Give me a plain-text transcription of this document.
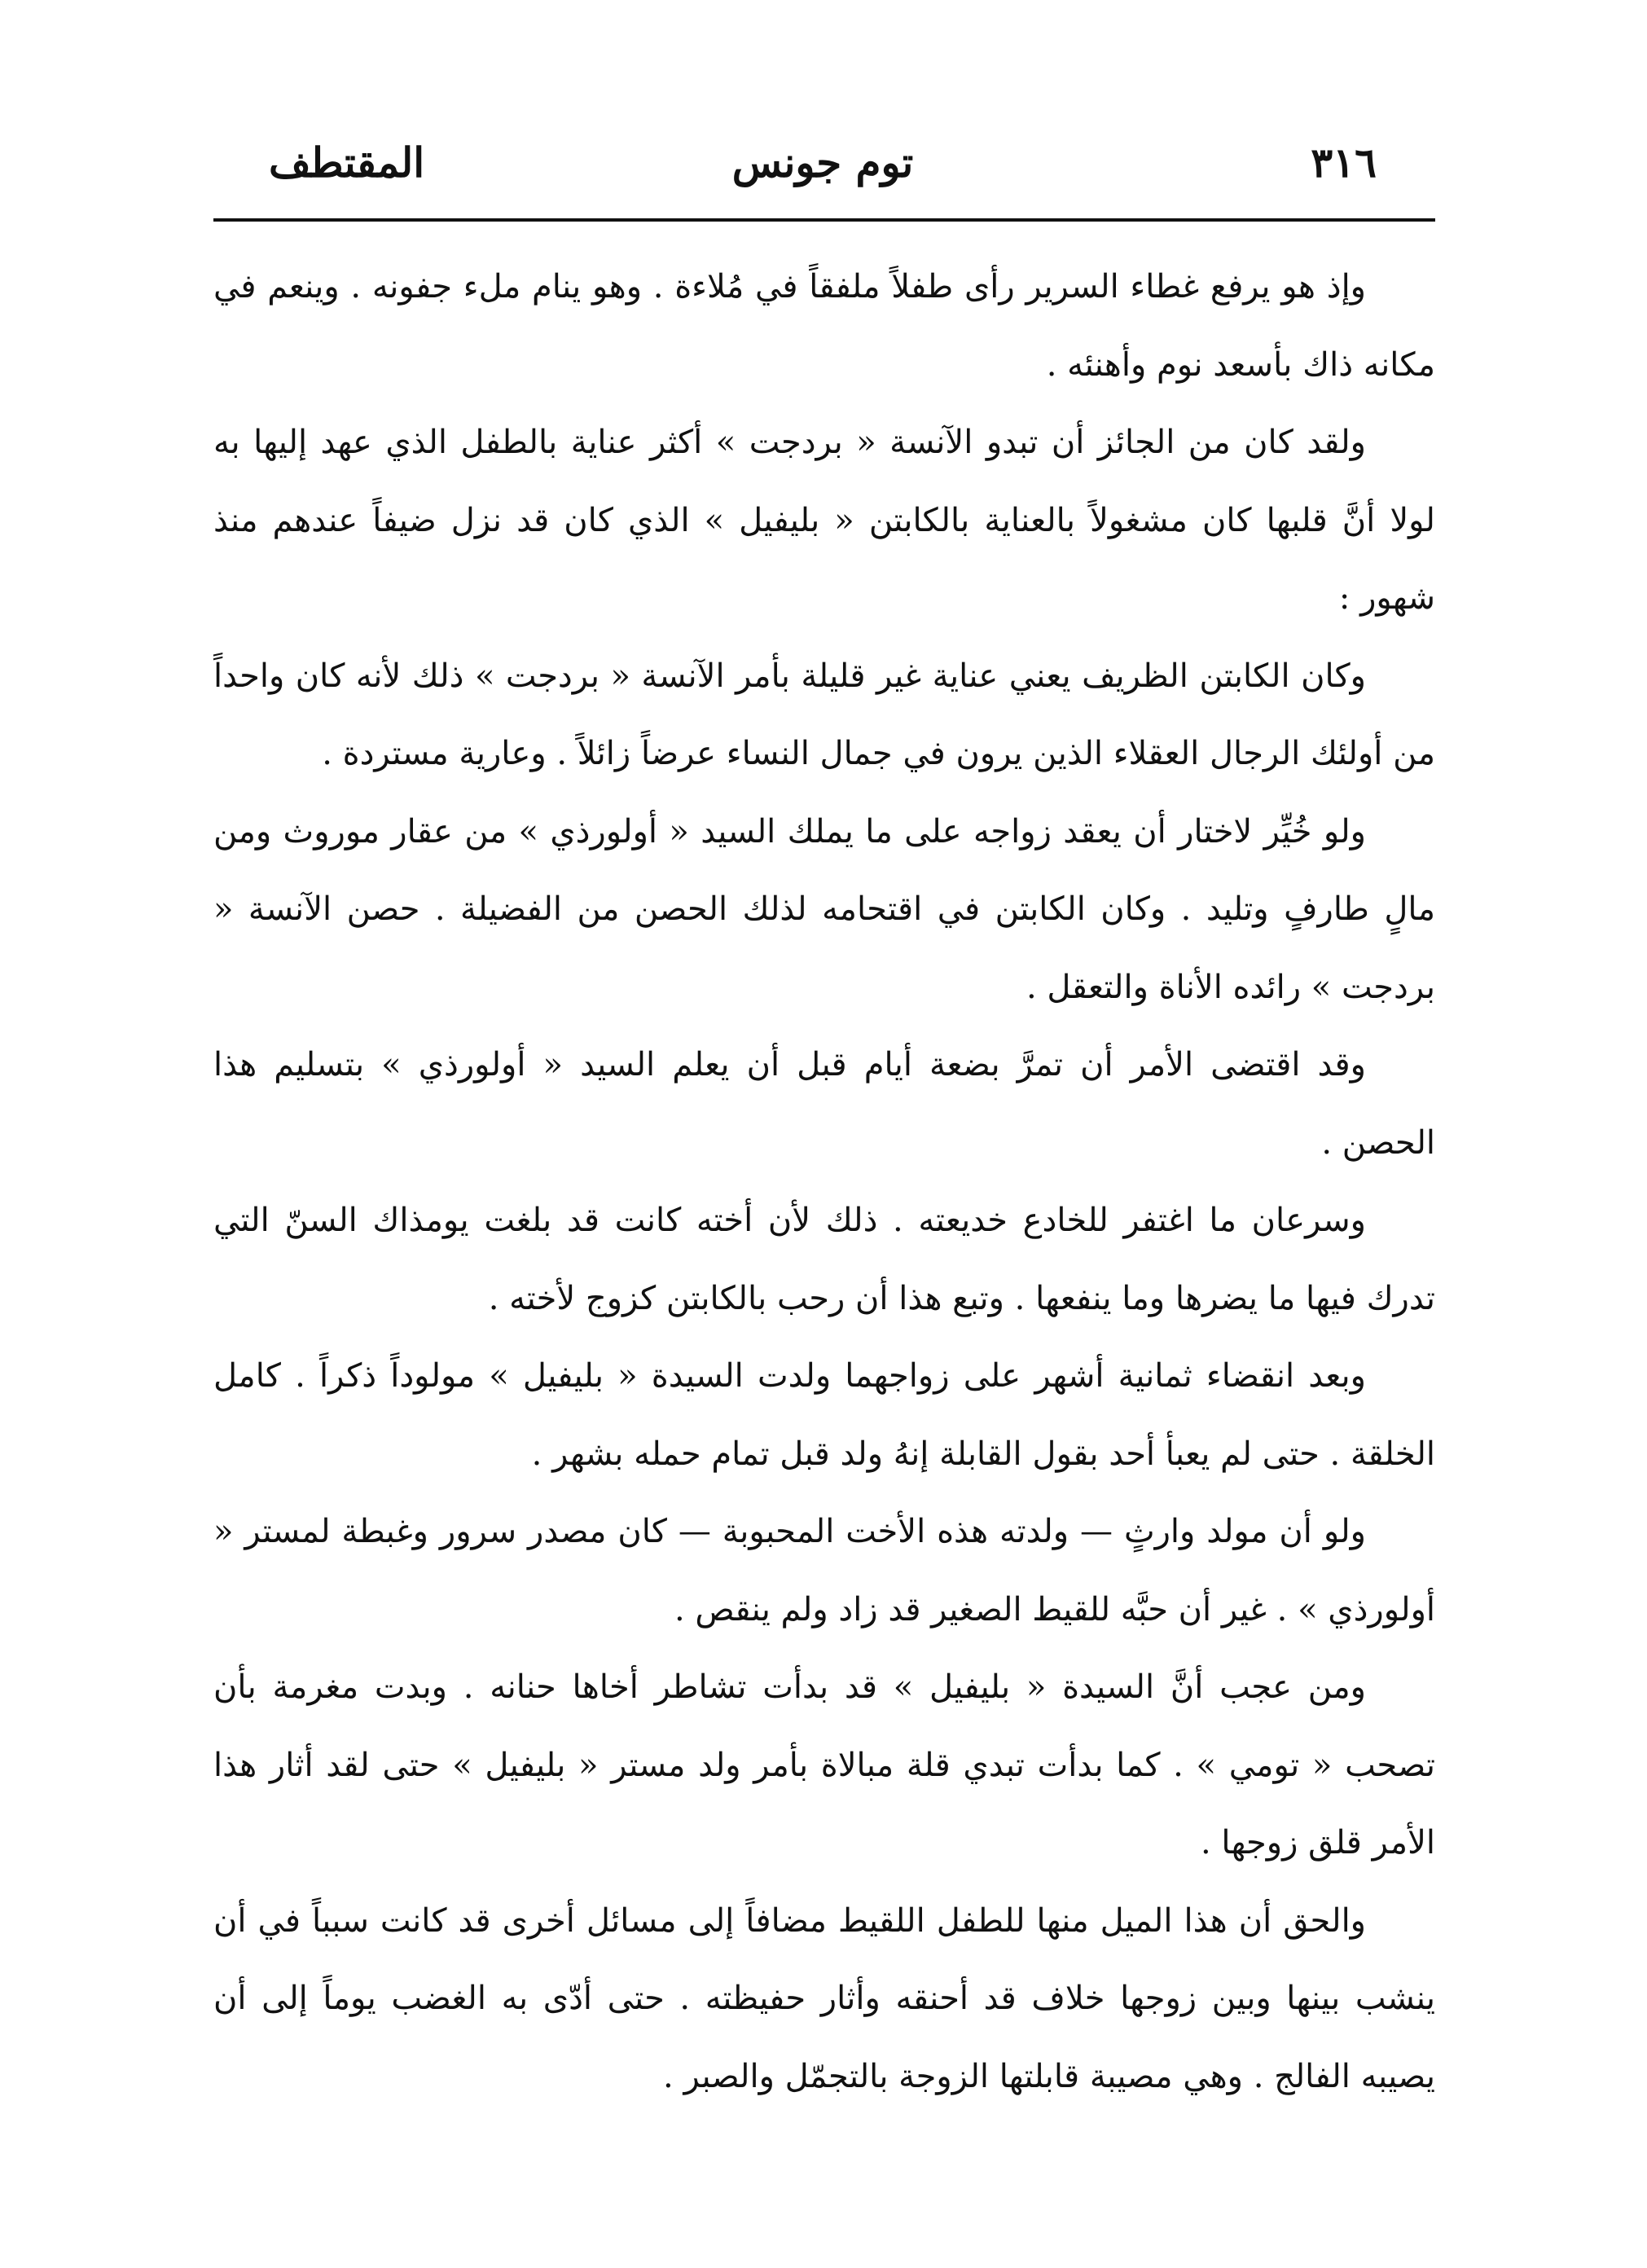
٣١٦
توم جونس
المقتطف

وإذ هو يرفع غطاء السرير رأى طفلاً ملفقاً في مُلاءة . وهو ينام ملء جفونه . وينعم في مكانه ذاك بأسعد نوم وأهنئه .

ولقد كان من الجائز أن تبدو الآنسة « بردجت » أكثر عناية بالطفل الذي عهد إليها به لولا أنَّ قلبها كان مشغولاً بالعناية بالكابتن « بليفيل » الذي كان قد نزل ضيفاً عندهم منذ شهور :

وكان الكابتن الظريف يعني عناية غير قليلة بأمر الآنسة « بردجت » ذلك لأنه كان واحداً من أولئك الرجال العقلاء الذين يرون في جمال النساء عرضاً زائلاً . وعارية مستردة .

ولو خُيِّر لاختار أن يعقد زواجه على ما يملك السيد « أولورذي » من عقار موروث ومن مالٍ طارفٍ وتليد . وكان الكابتن في اقتحامه لذلك الحصن من الفضيلة . حصن الآنسة « بردجت » رائده الأناة والتعقل .

وقد اقتضى الأمر أن تمرَّ بضعة أيام قبل أن يعلم السيد « أولورذي » بتسليم هذا الحصن .

وسرعان ما اغتفر للخادع خديعته . ذلك لأن أخته كانت قد بلغت يومذاك السنّ التي تدرك فيها ما يضرها وما ينفعها . وتبع هذا أن رحب بالكابتن كزوج لأخته .

وبعد انقضاء ثمانية أشهر على زواجهما ولدت السيدة « بليفيل » مولوداً ذكراً . كامل الخلقة . حتى لم يعبأ أحد بقول القابلة إنهُ ولد قبل تمام حمله بشهر .

ولو أن مولد وارثٍ — ولدته هذه الأخت المحبوبة — كان مصدر سرور وغبطة لمستر « أولورذي » . غير أن حبَّه للقيط الصغير قد زاد ولم ينقص .

ومن عجب أنَّ السيدة « بليفيل » قد بدأت تشاطر أخاها حنانه . وبدت مغرمة بأن تصحب « تومي » . كما بدأت تبدي قلة مبالاة بأمر ولد مستر « بليفيل » حتى لقد أثار هذا الأمر قلق زوجها .

والحق أن هذا الميل منها للطفل اللقيط مضافاً إلى مسائل أخرى قد كانت سبباً في أن ينشب بينها وبين زوجها خلاف قد أحنقه وأثار حفيظته . حتى أدّى به الغضب يوماً إلى أن يصيبه الفالج . وهي مصيبة قابلتها الزوجة بالتجمّل والصبر .
